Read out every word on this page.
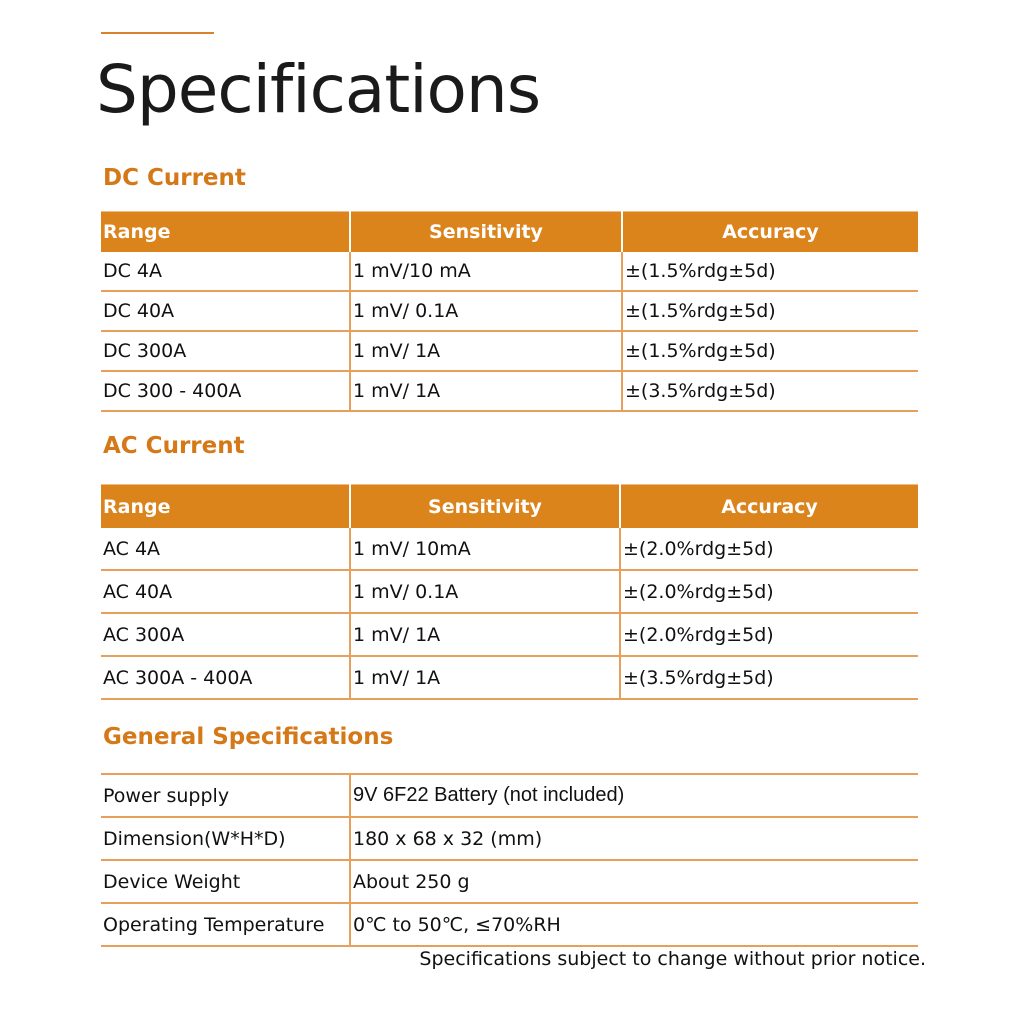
Specifications
DC Current
Range	Sensitivity	Accuracy
DC 4A	1 mV/10 mA	±(1.5%rdg±5d)
DC 40A	1 mV/ 0.1A	±(1.5%rdg±5d)
DC 300A	1 mV/ 1A	±(1.5%rdg±5d)
DC 300 - 400A	1 mV/ 1A	±(3.5%rdg±5d)
AC Current
Range	Sensitivity	Accuracy
AC 4A	1 mV/ 10mA	±(2.0%rdg±5d)
AC 40A	1 mV/ 0.1A	±(2.0%rdg±5d)
AC 300A	1 mV/ 1A	±(2.0%rdg±5d)
AC 300A - 400A	1 mV/ 1A	±(3.5%rdg±5d)
General Specifications
Power supply	9V 6F22 Battery (not included)
Dimension(W*H*D)	180 x 68 x 32 (mm)
Device Weight	About 250 g
Operating Temperature	0℃ to 50℃, ≤70%RH
Specifications subject to change without prior notice.
